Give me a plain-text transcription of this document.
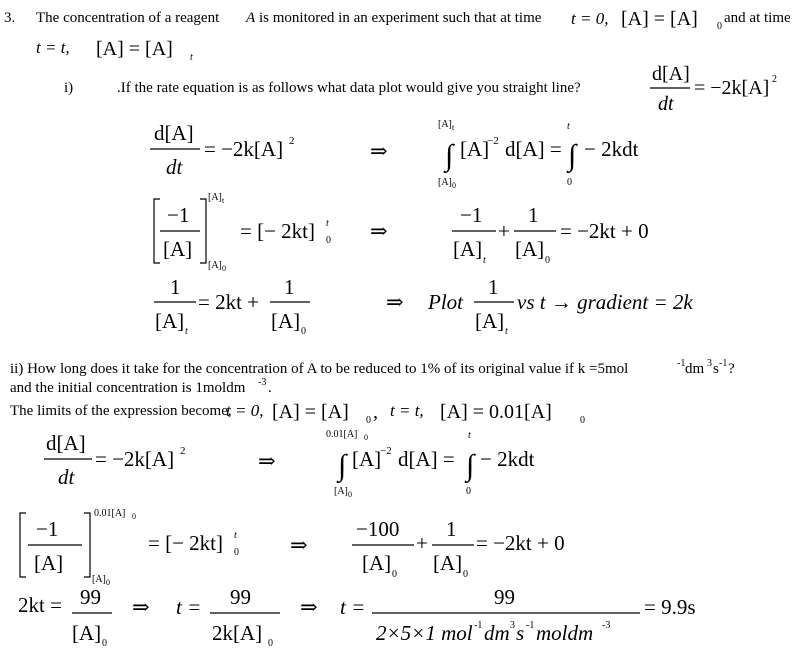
3. The concentration of a reagent A is monitored in an experiment such that at time t = 0, [A] = [A] 0
and at time
t = t, [A] = [A] t
i)	.If the rate equation is as follows what data plot would give you straight line?
d[A]
dt
= −2k[A] 2
d[A]
dt
= −2k[A] 2	⇒
[A] t
∫
[A] 0
[A]
−2 d[A] =
t
∫
0
− 2kdt
−1
[A]
[A] t
[A] 0
= [− 2kt] t
0 ⇒
−1
[A] t
+
1
[A] 0
= −2kt + 0
1
[A] t
= 2kt +
1
[A] 0
⇒ Plot
1
[A] t
vs t → gradient = 2k
ii) How long does it take for the concentration of A to be reduced to 1% of its original value if k =5mol	-1 dm 3 s -1 ?
and the initial concentration is 1moldm -3 .
The limits of the expression become,
t = 0, [A] = [A] 0 , t = t, [A] = 0.01[A]	0
d[A]
dt
= −2k[A] 2	⇒
0.01[A] 0
∫
[A] 0
[A]
−2 d[A] =
t
∫
0
− 2kdt
−1
[A]
0.01[A] 0
[A] 0
= [− 2kt] t
0 ⇒
−100
[A] 0
+
1
[A] 0
= −2kt + 0
2kt = 99
[A] 0
⇒ t = 99
2k[A] 0
⇒ t =	99
2×5×1 mol -1 dm 3 s -1 moldm -3
= 9.9s
